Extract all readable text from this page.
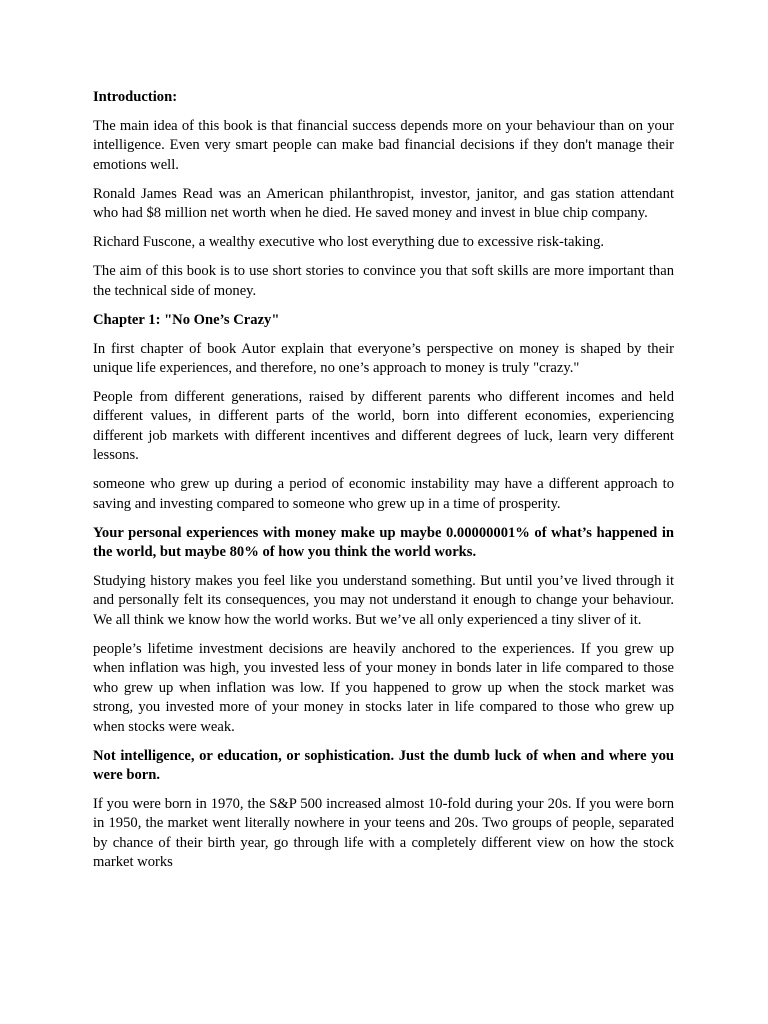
Introduction:

The main idea of this book is that financial success depends more on your behaviour than on your intelligence. Even very smart people can make bad financial decisions if they don't manage their emotions well.

Ronald James Read was an American philanthropist, investor, janitor, and gas station attendant who had $8 million net worth when he died. He saved money and invest in blue chip company.

Richard Fuscone, a wealthy executive who lost everything due to excessive risk-taking.

The aim of this book is to use short stories to convince you that soft skills are more important than the technical side of money.

Chapter 1: "No One’s Crazy"

In first chapter of book Autor explain that everyone’s perspective on money is shaped by their unique life experiences, and therefore, no one’s approach to money is truly "crazy."

People from different generations, raised by different parents who different incomes and held different values, in different parts of the world, born into different economies, experiencing different job markets with different incentives and different degrees of luck, learn very different lessons.

someone who grew up during a period of economic instability may have a different approach to saving and investing compared to someone who grew up in a time of prosperity.

Your personal experiences with money make up maybe 0.00000001% of what’s happened in the world, but maybe 80% of how you think the world works.

Studying history makes you feel like you understand something. But until you’ve lived through it and personally felt its consequences, you may not understand it enough to change your behaviour. We all think we know how the world works. But we’ve all only experienced a tiny sliver of it.

people’s lifetime investment decisions are heavily anchored to the experiences. If you grew up when inflation was high, you invested less of your money in bonds later in life compared to those who grew up when inflation was low. If you happened to grow up when the stock market was strong, you invested more of your money in stocks later in life compared to those who grew up when stocks were weak.

Not intelligence, or education, or sophistication. Just the dumb luck of when and where you were born.

If you were born in 1970, the S&P 500 increased almost 10-fold during your 20s. If you were born in 1950, the market went literally nowhere in your teens and 20s. Two groups of people, separated by chance of their birth year, go through life with a completely different view on how the stock market works
